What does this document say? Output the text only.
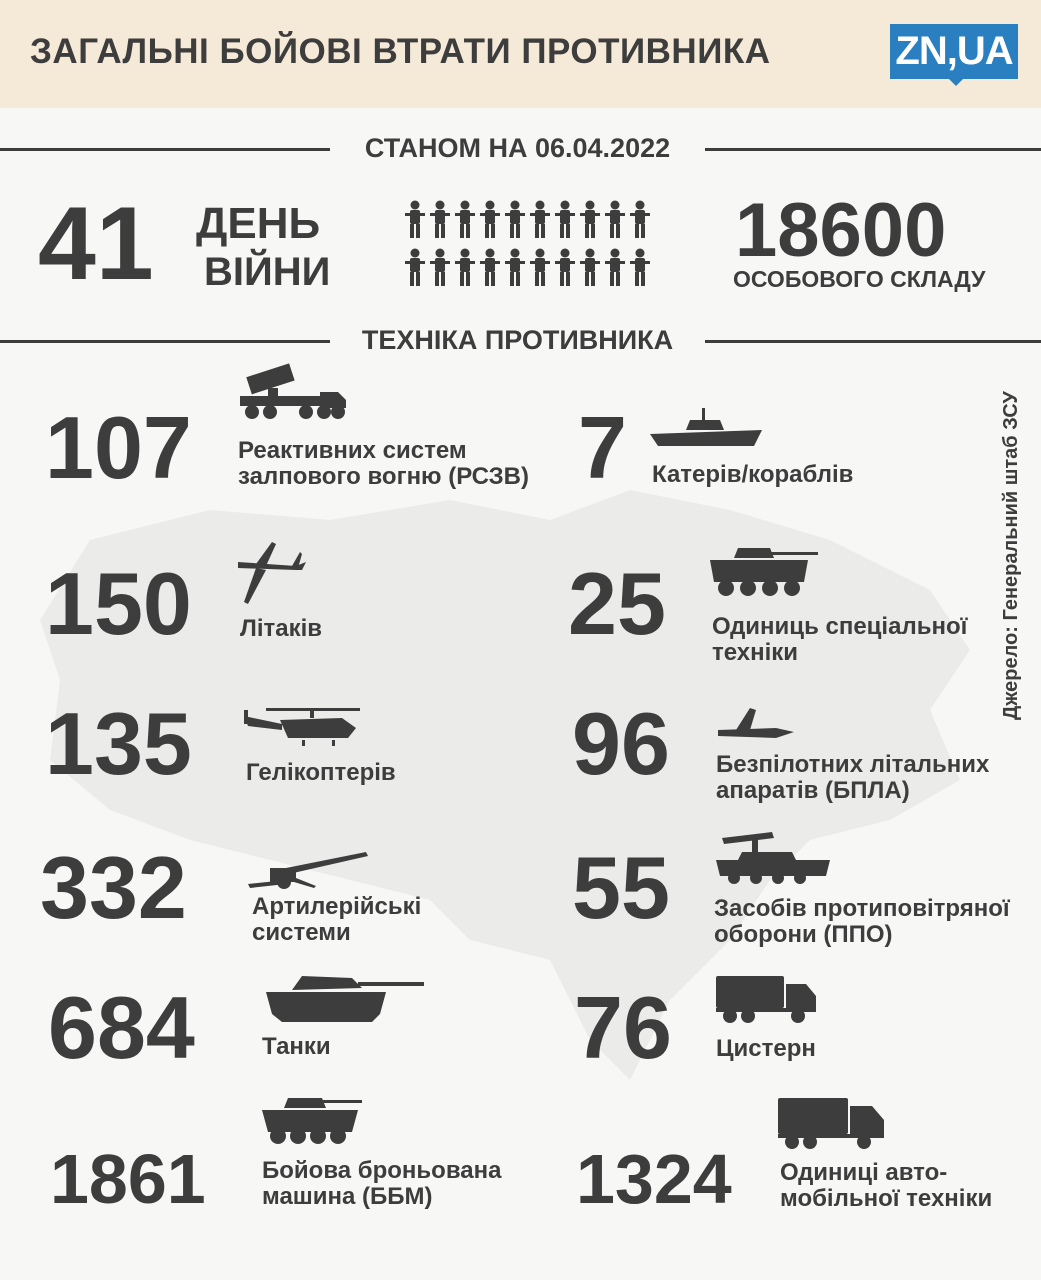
ЗАГАЛЬНІ БОЙОВІ ВТРАТИ ПРОТИВНИКА	ZN,UA
СТАНОМ НА 06.04.2022
41 ДЕНЬ
ВІЙНИ	18600
ОСОБОВОГО СКЛАДУ
ТЕХНІКА ПРОТИВНИКА
Джерело: Генеральний штаб ЗСУ
107 Реактивних систем
залпового вогню (РСЗВ)
150 Літаків
135 Гелікоптерів
332	Артилерійські
системи
684	Танки
1861 Бойова броньована
машина (ББМ)
7 Катерів/кораблів
25 Одиниць спеціальної
техніки
96 Безпілотних літальних
апаратів (БПЛА)
55 Засобів протиповітряної
оборони (ППО)
76 Цистерн
1324 Одиниці авто-
мобільної техніки
